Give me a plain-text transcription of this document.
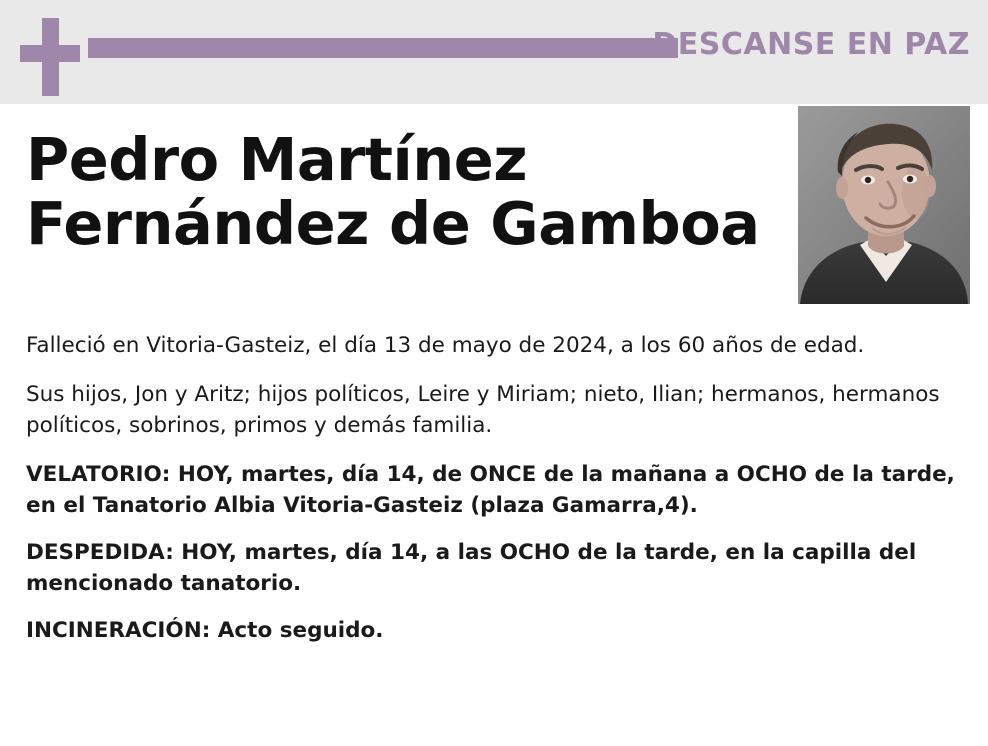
DESCANSE EN PAZ
Pedro Martínez
Fernández de Gamboa

Falleció en Vitoria-Gasteiz, el día 13 de mayo de 2024, a los 60 años de edad.

Sus hijos, Jon y Aritz; hijos políticos, Leire y Miriam; nieto, Ilian; hermanos, hermanos políticos, sobrinos, primos y demás familia.

VELATORIO: HOY, martes, día 14, de ONCE de la mañana a OCHO de la tarde, en el Tanatorio Albia Vitoria-Gasteiz (plaza Gamarra,4).

DESPEDIDA: HOY, martes, día 14, a las OCHO de la tarde, en la capilla del mencionado tanatorio.

INCINERACIÓN: Acto seguido.
